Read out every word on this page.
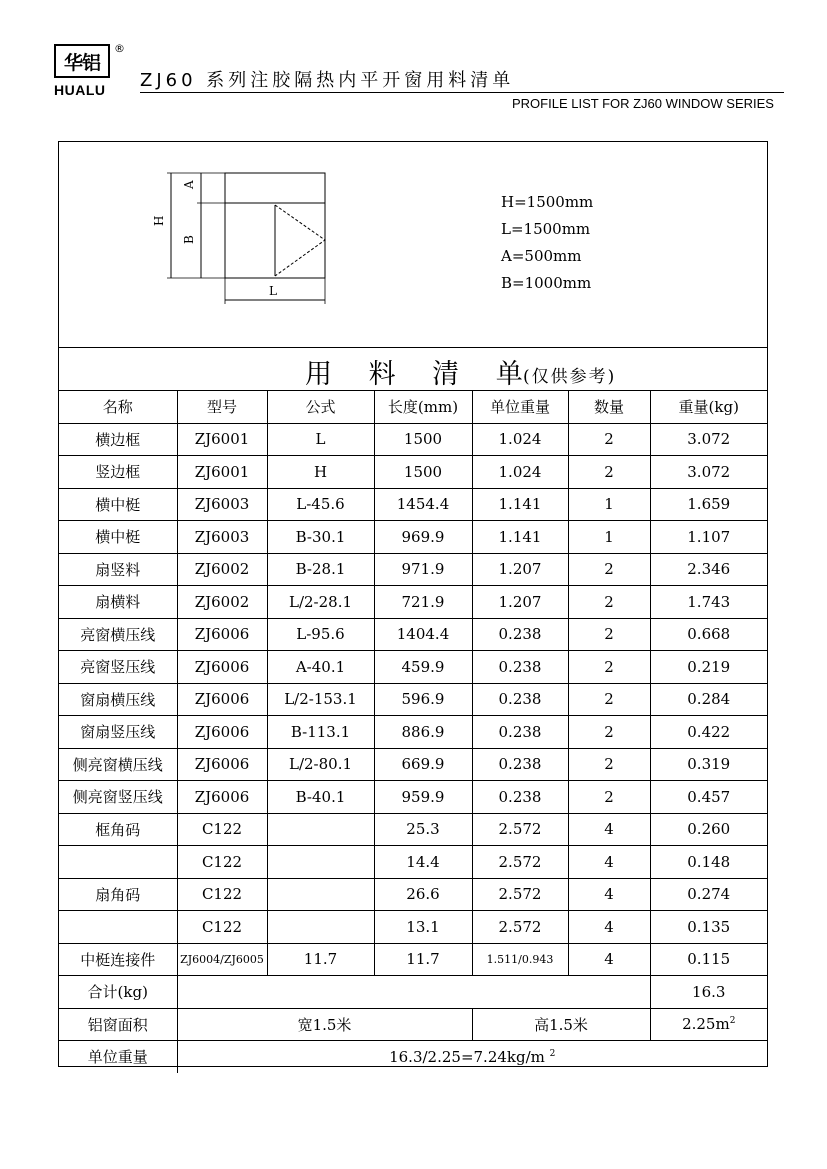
华铝
®
HUALU ZJ60 系列注胶隔热内平开窗用料清单
PROFILE LIST FOR ZJ60 WINDOW SERIES
H
A
B
L
H=1500mm
L=1500mm
A=500mm
B=1000mm
用 料 清 单
(仅供参考)
名称	型号	公式	长度(mm)	单位重量	数量	重量(kg)
横边框	ZJ6001	L	1500	1.024	2	3.072
竖边框	ZJ6001	H	1500	1.024	2	3.072
横中梃	ZJ6003	L-45.6	1454.4	1.141	1	1.659
横中梃	ZJ6003	B-30.1	969.9	1.141	1	1.107
扇竖料	ZJ6002	B-28.1	971.9	1.207	2	2.346
扇横料	ZJ6002	L/2-28.1	721.9	1.207	2	1.743
亮窗横压线	ZJ6006	L-95.6	1404.4	0.238	2	0.668
亮窗竖压线	ZJ6006	A-40.1	459.9	0.238	2	0.219
窗扇横压线	ZJ6006	L/2-153.1	596.9	0.238	2	0.284
窗扇竖压线	ZJ6006	B-113.1	886.9	0.238	2	0.422
侧亮窗横压线	ZJ6006	L/2-80.1	669.9	0.238	2	0.319
侧亮窗竖压线	ZJ6006	B-40.1	959.9	0.238	2	0.457
框角码	C122		25.3	2.572	4	0.260
	C122		14.4	2.572	4	0.148
扇角码	C122		26.6	2.572	4	0.274
	C122		13.1	2.572	4	0.135
中梃连接件	ZJ6004/ZJ6005	11.7	11.7	1.511/0.943	4	0.115
合计(kg)						16.3
铝窗面积	宽1.5米			高1.5米		$2.25m^2$
单位重量	16.3/2.25=7.24kg/m $^2$
